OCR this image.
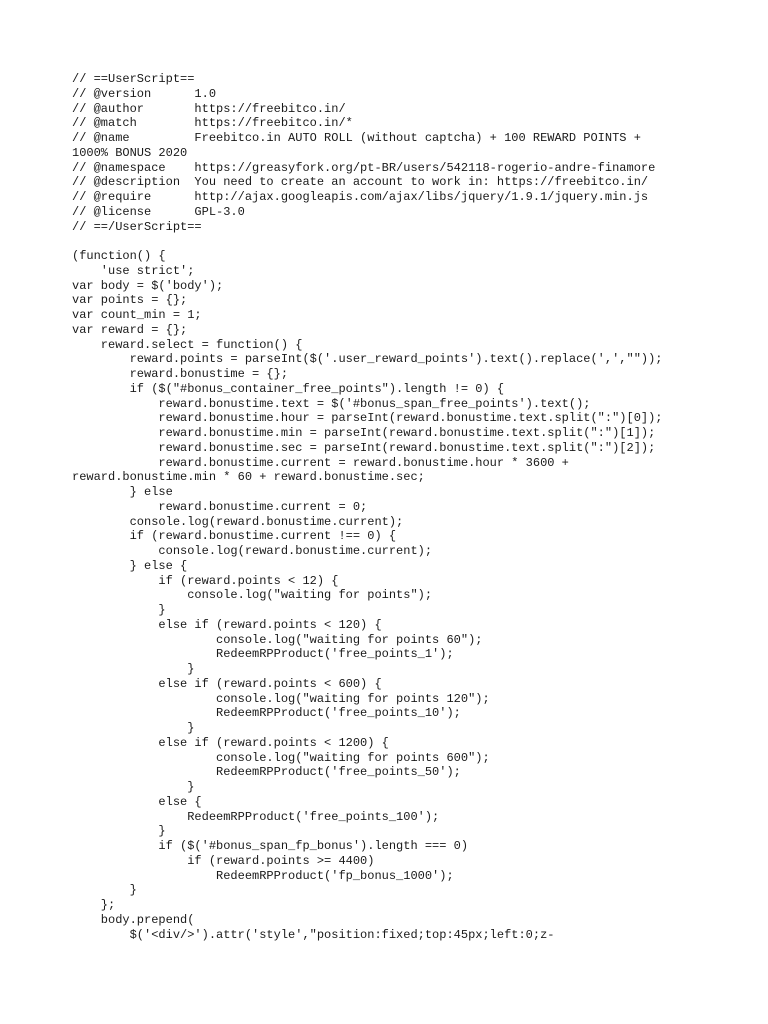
// ==UserScript==
// @version      1.0
// @author       https://freebitco.in/
// @match        https://freebitco.in/*
// @name         Freebitco.in AUTO ROLL (without captcha) + 100 REWARD POINTS +
1000% BONUS 2020
// @namespace    https://greasyfork.org/pt-BR/users/542118-rogerio-andre-finamore
// @description  You need to create an account to work in: https://freebitco.in/
// @require      http://ajax.googleapis.com/ajax/libs/jquery/1.9.1/jquery.min.js
// @license      GPL-3.0
// ==/UserScript==
(function() {
'use strict';
var body = $('body');
var points = {};
var count_min = 1;
var reward = {};
reward.select = function() {
reward.points = parseInt($('.user_reward_points').text().replace(',',""));
reward.bonustime = {};
if ($("#bonus_container_free_points").length != 0) {
reward.bonustime.text = $('#bonus_span_free_points').text();
reward.bonustime.hour = parseInt(reward.bonustime.text.split(":")[0]);
reward.bonustime.min = parseInt(reward.bonustime.text.split(":")[1]);
reward.bonustime.sec = parseInt(reward.bonustime.text.split(":")[2]);
reward.bonustime.current = reward.bonustime.hour * 3600 +
reward.bonustime.min * 60 + reward.bonustime.sec;
} else
reward.bonustime.current = 0;
console.log(reward.bonustime.current);
if (reward.bonustime.current !== 0) {
console.log(reward.bonustime.current);
} else {
if (reward.points < 12) {
console.log("waiting for points");
}
else if (reward.points < 120) {
console.log("waiting for points 60");
RedeemRPProduct('free_points_1');
}
else if (reward.points < 600) {
console.log("waiting for points 120");
RedeemRPProduct('free_points_10');
}
else if (reward.points < 1200) {
console.log("waiting for points 600");
RedeemRPProduct('free_points_50');
}
else {
RedeemRPProduct('free_points_100');
}
if ($('#bonus_span_fp_bonus').length === 0)
if (reward.points >= 4400)
RedeemRPProduct('fp_bonus_1000');
}
};
body.prepend(
$('<div/>').attr('style',"position:fixed;top:45px;left:0;z-
